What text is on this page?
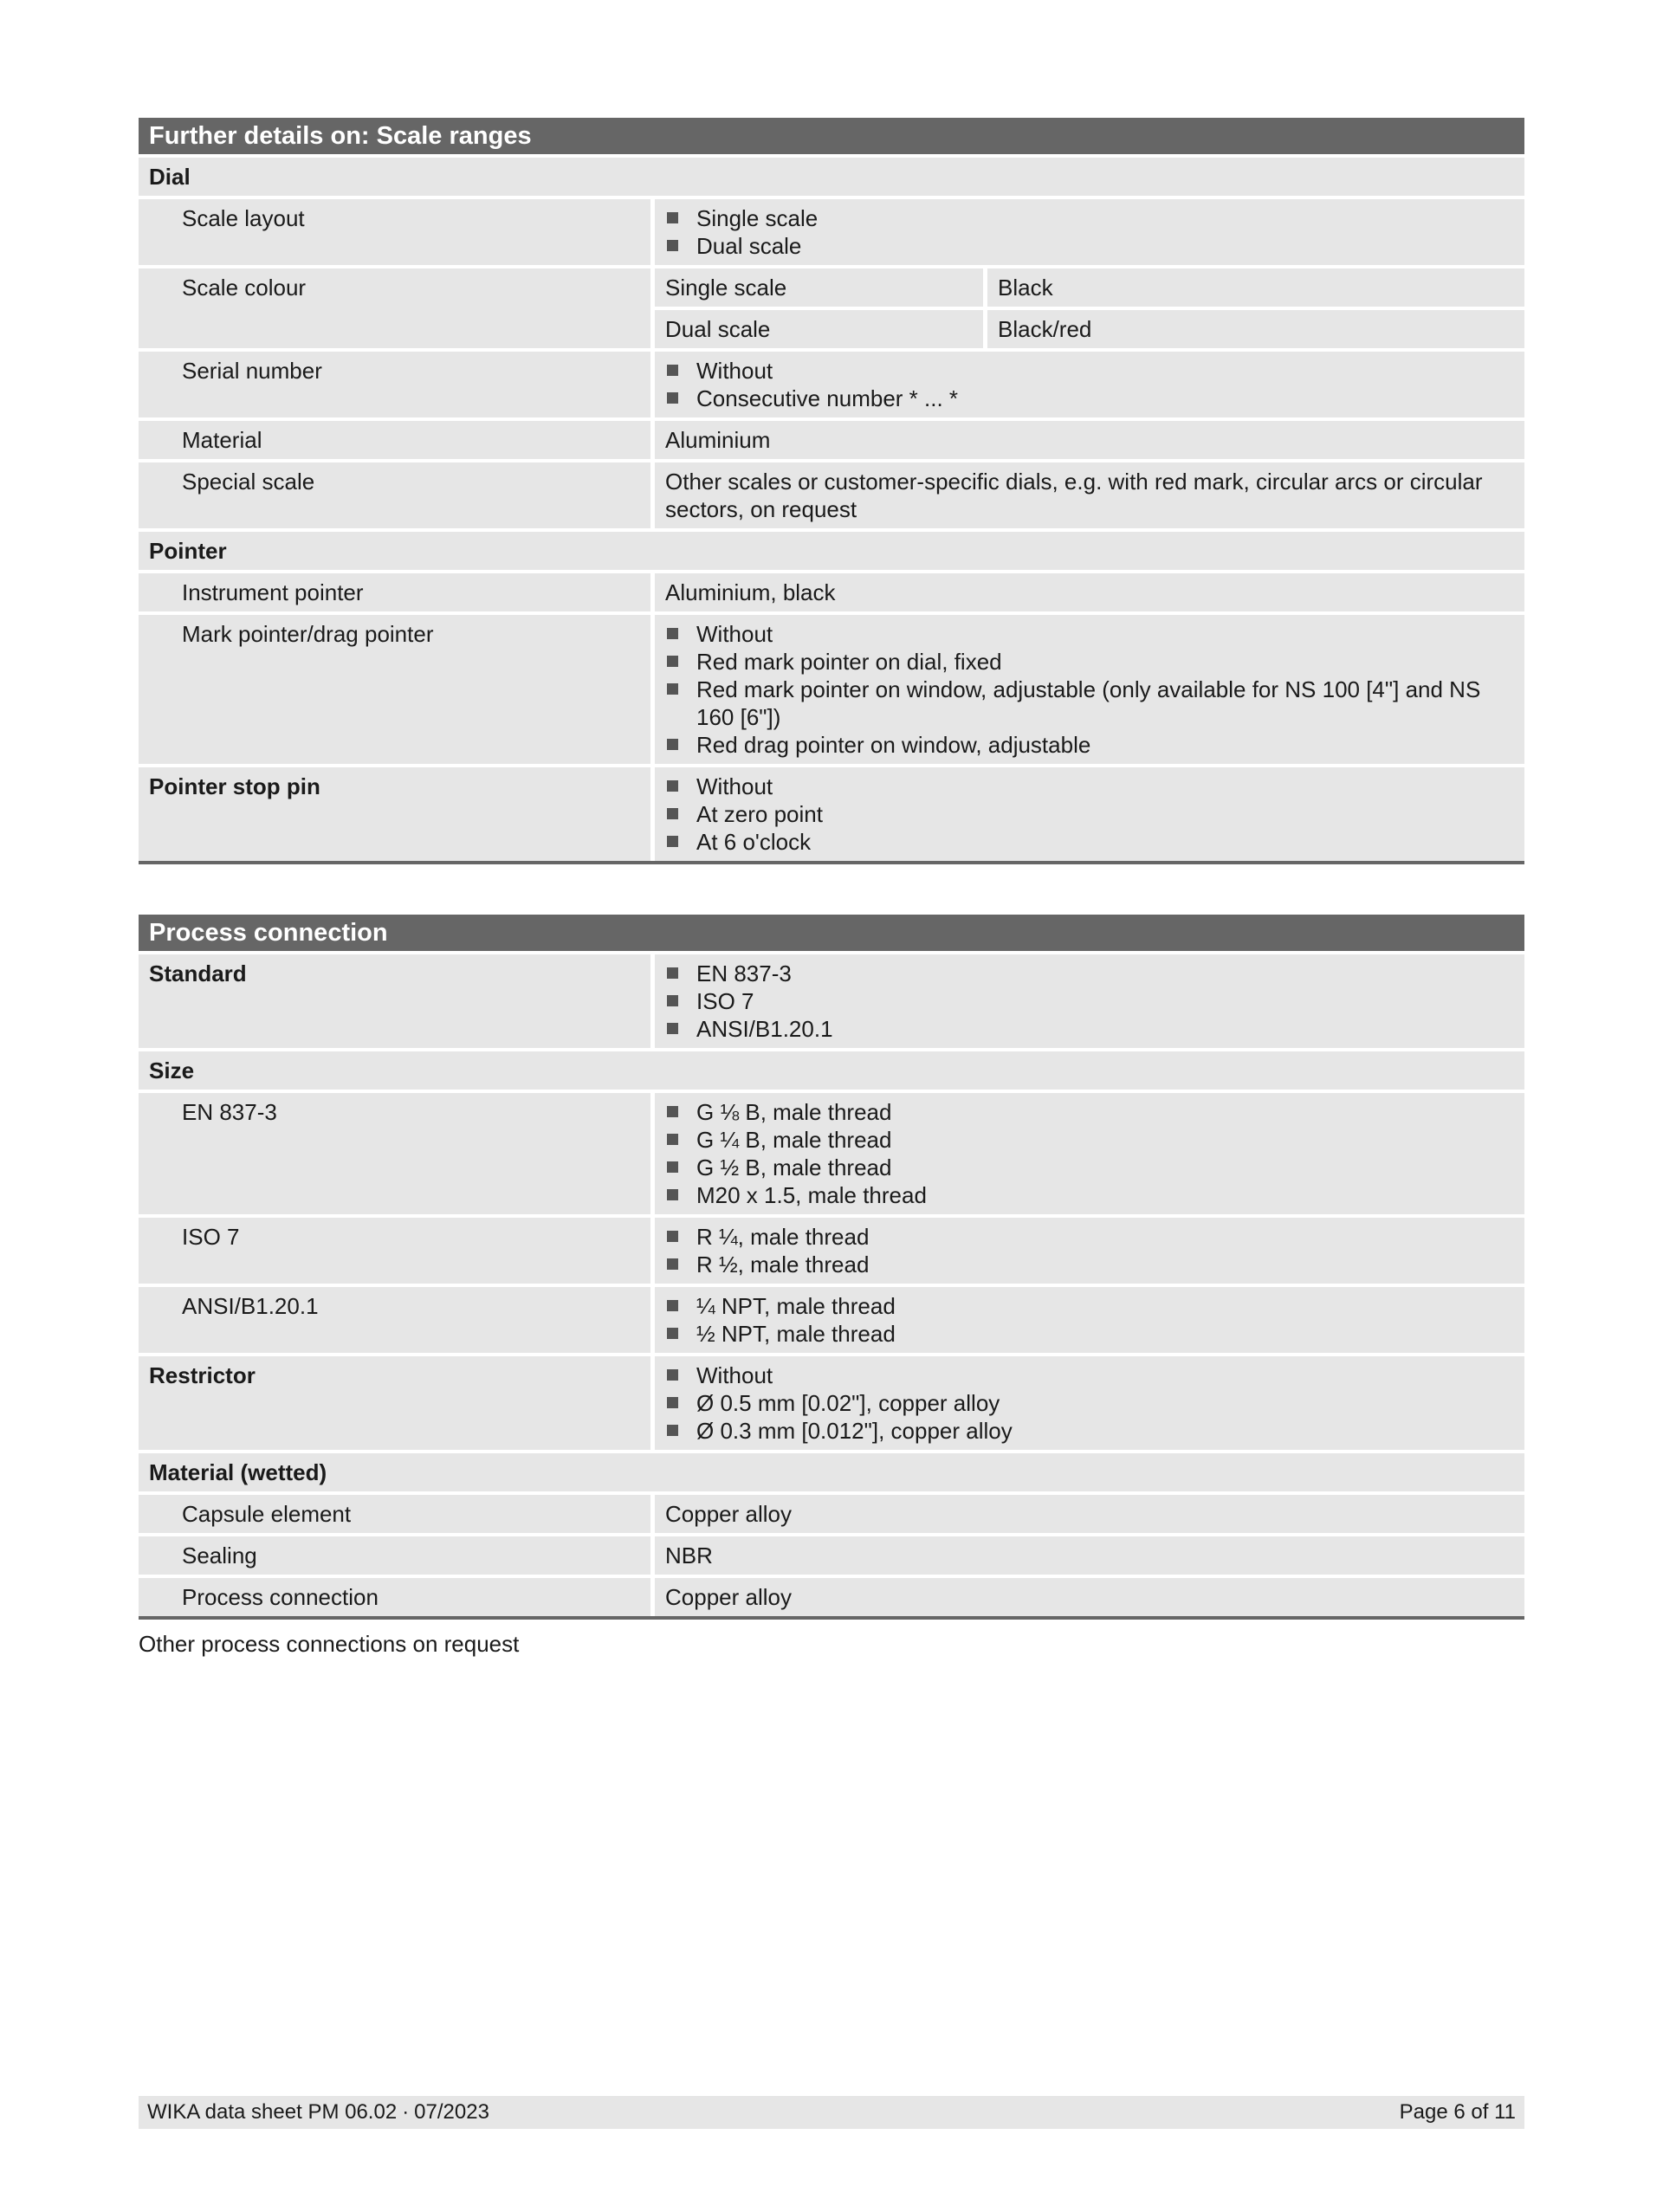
Further details on: Scale ranges
Dial
Scale layout	Single scale
Dual scale
Scale colour	Single scale	Black
Dual scale	Black/red
Serial number	Without
Consecutive number * ... *
Material	Aluminium
Special scale	Other scales or customer-specific dials, e.g. with red mark, circular arcs or circular sectors, on request
Pointer
Instrument pointer	Aluminium, black
Mark pointer/drag pointer	Without
Red mark pointer on dial, fixed
Red mark pointer on window, adjustable (only available for NS 100 [4"] and NS 160 [6"])
Red drag pointer on window, adjustable
Pointer stop pin	Without
At zero point
At 6 o'clock
Process connection
Standard	EN 837-3
ISO 7
ANSI/B1.20.1
Size
EN 837-3	G ⅛ B, male thread
G ¼ B, male thread
G ½ B, male thread
M20 x 1.5, male thread
ISO 7	R ¼, male thread
R ½, male thread
ANSI/B1.20.1	¼ NPT, male thread
½ NPT, male thread
Restrictor	Without
Ø 0.5 mm [0.02"], copper alloy
Ø 0.3 mm [0.012"], copper alloy
Material (wetted)
Capsule element	Copper alloy
Sealing	NBR
Process connection	Copper alloy
Other process connections on request
WIKA data sheet PM 06.02 ∙ 07/2023	Page 6 of 11
